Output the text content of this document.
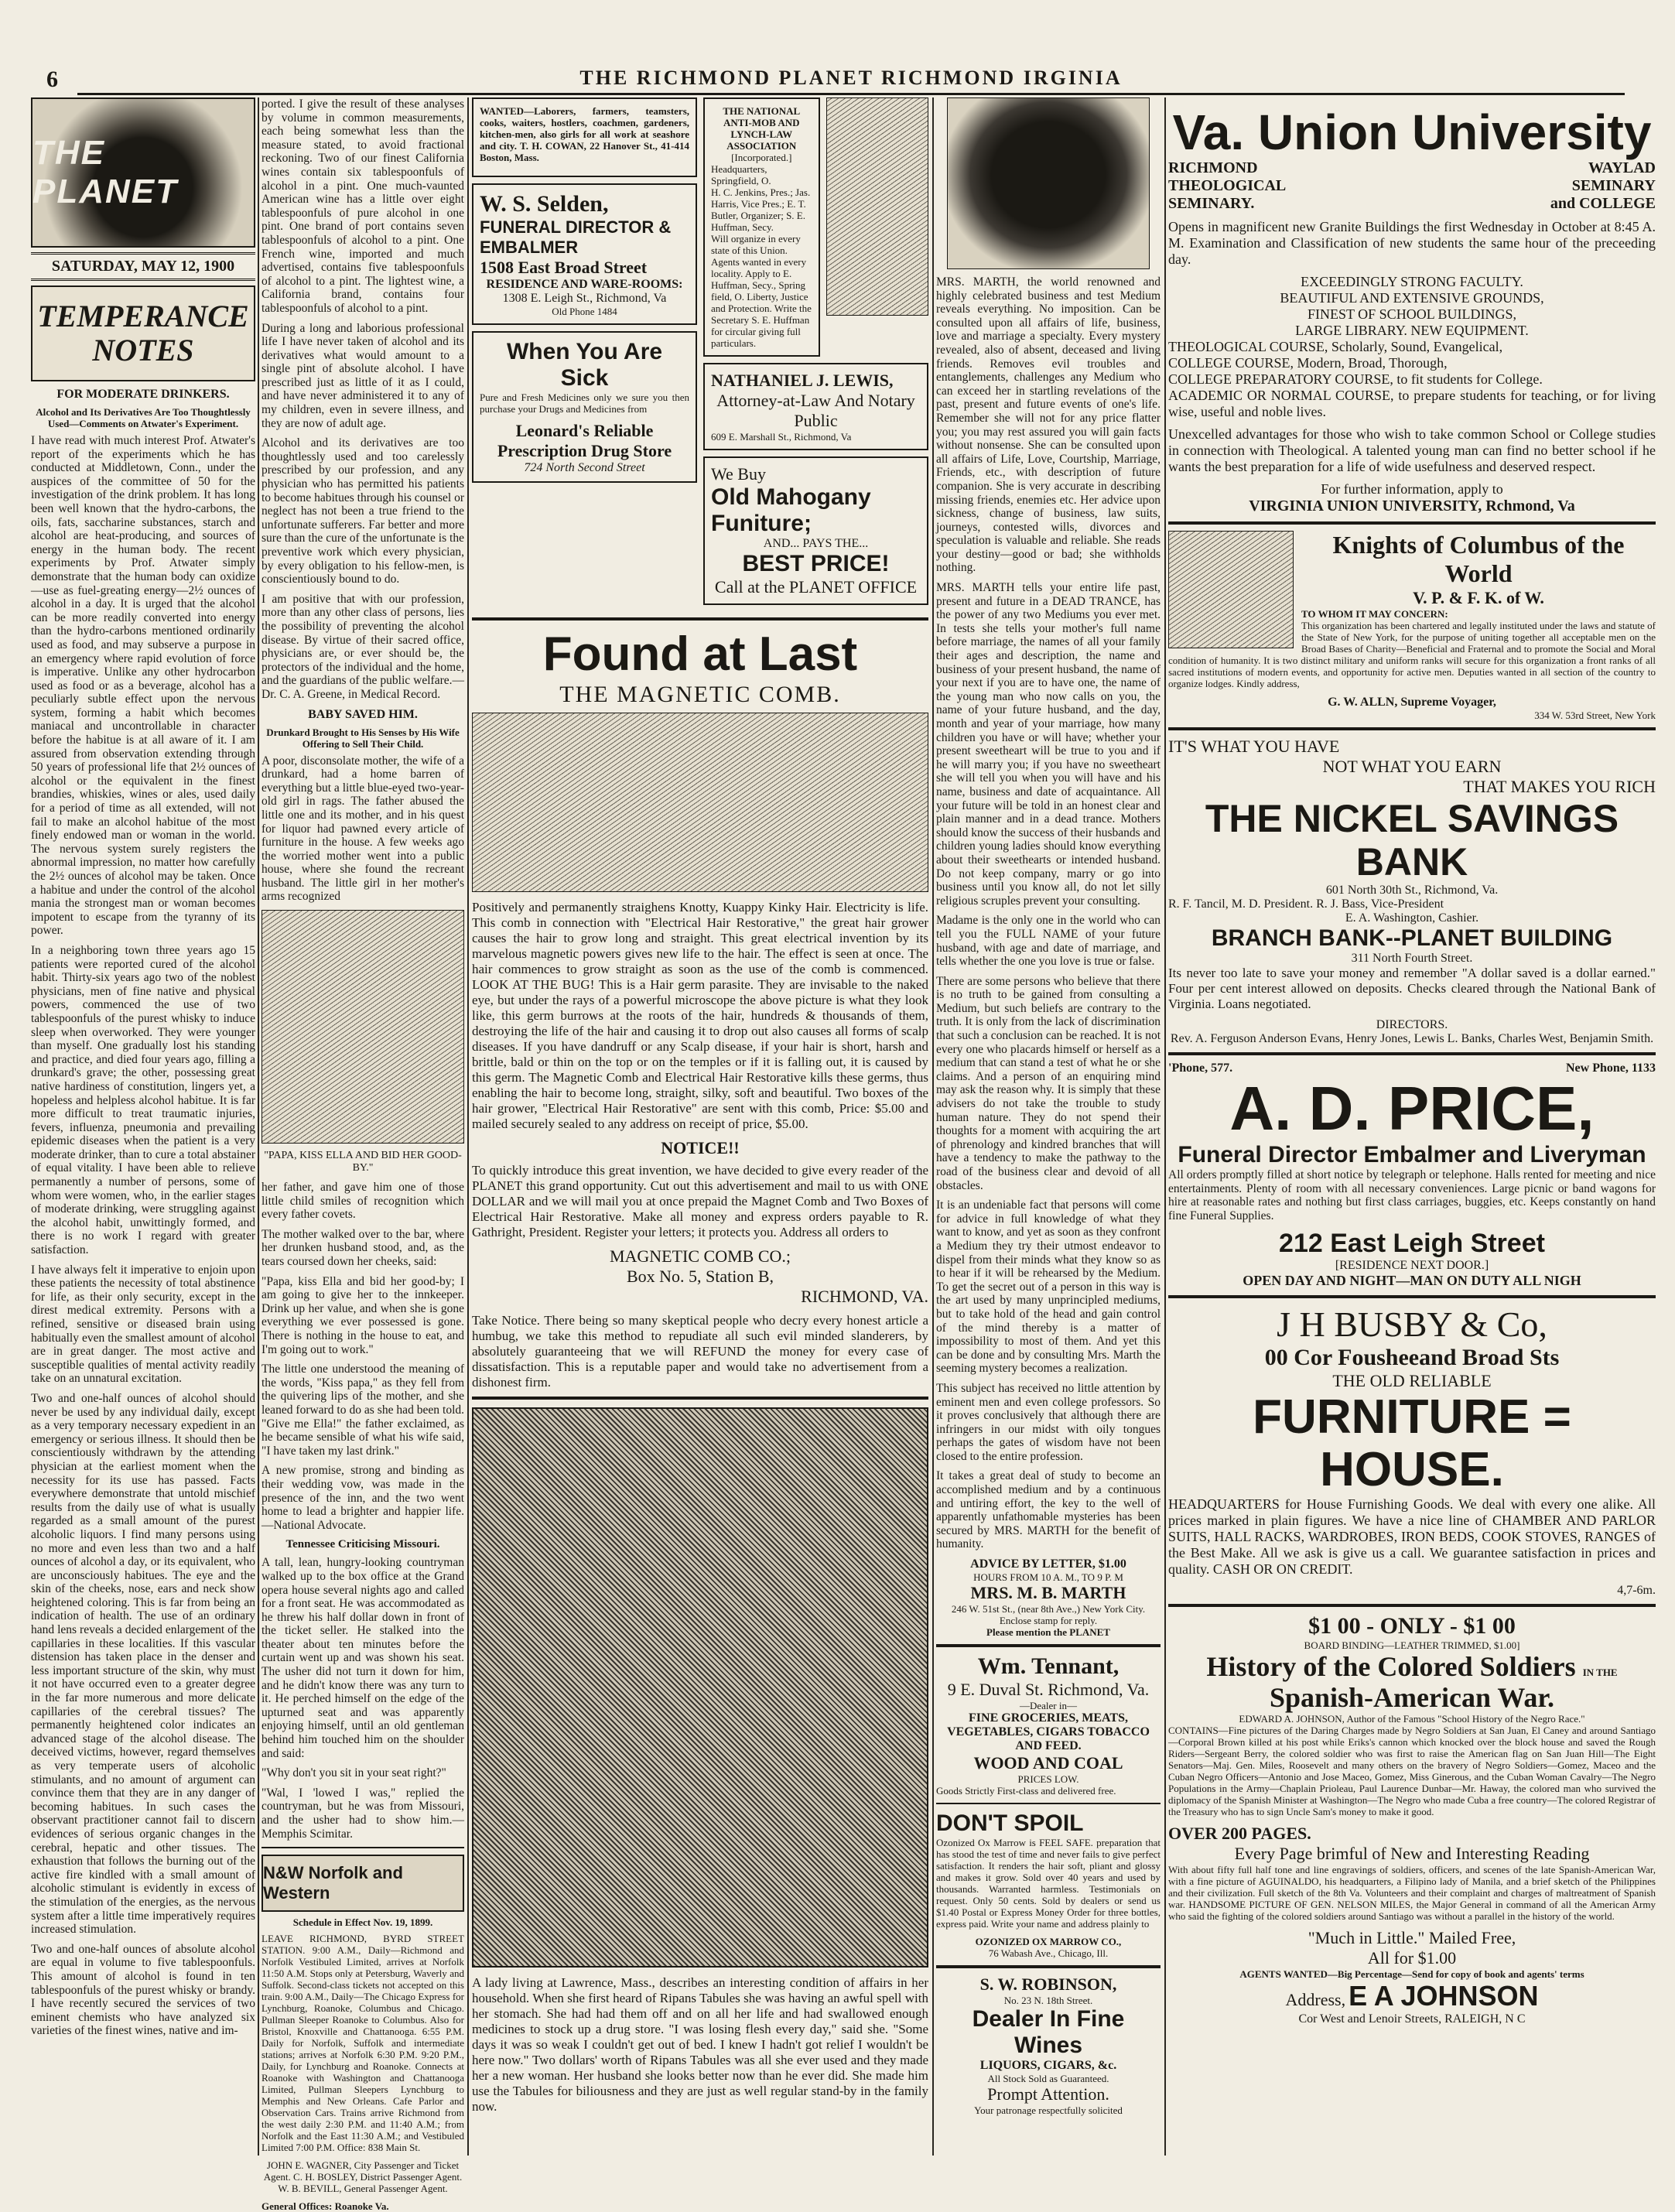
6	THE RICHMOND PLANET RICHMOND IRGINIA
THE PLANET
SATURDAY, MAY 12, 1900
TEMPERANCE NOTES
FOR MODERATE DRINKERS.
Alcohol and Its Derivatives Are Too Thoughtlessly Used—Comments on Atwater's Experiment.

I have read with much interest Prof. Atwater's report of the experiments which he has conducted at Middletown, Conn., under the auspices of the committee of 50 for the investigation of the drink problem. It has long been well known that the hydro-carbons, the oils, fats, saccharine substances, starch and alcohol are heat-producing, and sources of energy in the human body. The recent experiments by Prof. Atwater simply demonstrate that the human body can oxidize—use as fuel-greating energy—2½ ounces of alcohol in a day. It is urged that the alcohol can be more readily converted into energy than the hydro-carbons mentioned ordinarily used as food, and may subserve a purpose in an emergency where rapid evolution of force is imperative. Unlike any other hydrocarbon used as food or as a beverage, alcohol has a peculiarly subtle effect upon the nervous system, forming a habit which becomes maniacal and uncontrollable in character before the habitue is at all aware of it. I am assured from observation extending through 50 years of professional life that 2½ ounces of alcohol or the equivalent in the finest brandies, whiskies, wines or ales, used daily for a period of time as all extended, will not fail to make an alcohol habitue of the most finely endowed man or woman in the world. The nervous system surely registers the abnormal impression, no matter how carefully the 2½ ounces of alcohol may be taken. Once a habitue and under the control of the alcohol mania the strongest man or woman becomes impotent to escape from the tyranny of its power.

In a neighboring town three years ago 15 patients were reported cured of the alcohol habit. Thirty-six years ago two of the noblest physicians, men of fine native and physical powers, commenced the use of two tablespoonfuls of the purest whisky to induce sleep when overworked. They were younger than myself. One gradually lost his standing and practice, and died four years ago, filling a drunkard's grave; the other, possessing great native hardiness of constitution, lingers yet, a hopeless and helpless alcohol habitue. It is far more difficult to treat traumatic injuries, fevers, influenza, pneumonia and prevailing epidemic diseases when the patient is a very moderate drinker, than to cure a total abstainer of equal vitality. I have been able to relieve permanently a number of persons, some of whom were women, who, in the earlier stages of moderate drinking, were struggling against the alcohol habit, unwittingly formed, and there is no work I regard with greater satisfaction.

I have always felt it imperative to enjoin upon these patients the necessity of total abstinence for life, as their only security, except in the direst medical extremity. Persons with a refined, sensitive or diseased brain using habitually even the smallest amount of alcohol are in great danger. The most active and susceptible qualities of mental activity readily take on an unnatural excitation.

Two and one-half ounces of alcohol should never be used by any individual daily, except as a very temporary necessary expedient in an emergency or serious illness. It should then be conscientiously withdrawn by the attending physician at the earliest moment when the necessity for its use has passed. Facts everywhere demonstrate that untold mischief results from the daily use of what is usually regarded as a small amount of the purest alcoholic liquors. I find many persons using no more and even less than two and a half ounces of alcohol a day, or its equivalent, who are unconsciously habitues. The eye and the skin of the cheeks, nose, ears and neck show heightened coloring. This is far from being an indication of health. The use of an ordinary hand lens reveals a decided enlargement of the capillaries in these localities. If this vascular distension has taken place in the denser and less important structure of the skin, why must it not have occurred even to a greater degree in the far more numerous and more delicate capillaries of the cerebral tissues? The permanently heightened color indicates an advanced stage of the alcohol disease. The deceived victims, however, regard themselves as very temperate users of alcoholic stimulants, and no amount of argument can convince them that they are in any danger of becoming habitues. In such cases the observant practitioner cannot fail to discern evidences of serious organic changes in the cerebral, hepatic and other tissues. The exhaustion that follows the burning out of the active fire kindled with a small amount of alcoholic stimulant is evidently in excess of the stimulation of the energies, as the nervous system after a little time imperatively requires increased stimulation.

Two and one-half ounces of absolute alcohol are equal in volume to five tablespoonfuls. This amount of alcohol is found in ten tablespoonfuls of the purest whisky or brandy. I have recently secured the services of two eminent chemists who have analyzed six varieties of the finest wines, native and im-

ported. I give the result of these analyses by volume in common measurements, each being somewhat less than the measure stated, to avoid fractional reckoning. Two of our finest California wines contain six tablespoonfuls of alcohol in a pint. One much-vaunted American wine has a little over eight tablespoonfuls of pure alcohol in one pint. One brand of port contains seven tablespoonfuls of alcohol to a pint. One French wine, imported and much advertised, contains five tablespoonfuls of alcohol to a pint. The lightest wine, a California brand, contains four tablespoonfuls of alcohol to a pint.

During a long and laborious professional life I have never taken of alcohol and its derivatives what would amount to a single pint of absolute alcohol. I have prescribed just as little of it as I could, and have never administered it to any of my children, even in severe illness, and they are now of adult age.

Alcohol and its derivatives are too thoughtlessly used and too carelessly prescribed by our profession, and any physician who has permitted his patients to become habitues through his counsel or neglect has not been a true friend to the unfortunate sufferers. Far better and more sure than the cure of the unfortunate is the preventive work which every physician, by every obligation to his fellow-men, is conscientiously bound to do.

I am positive that with our profession, more than any other class of persons, lies the possibility of preventing the alcohol disease. By virtue of their sacred office, physicians are, or ever should be, the protectors of the individual and the home, and the guardians of the public welfare.—Dr. C. A. Greene, in Medical Record.

BABY SAVED HIM.
Drunkard Brought to His Senses by His Wife Offering to Sell Their Child.

A poor, disconsolate mother, the wife of a drunkard, had a home barren of everything but a little blue-eyed two-year-old girl in rags. The father abused the little one and its mother, and in his quest for liquor had pawned every article of furniture in the house. A few weeks ago the worried mother went into a public house, where she found the recreant husband. The little girl in her mother's arms recognized

"PAPA, KISS ELLA AND BID HER GOOD-BY."

her father, and gave him one of those little child smiles of recognition which every father covets.

The mother walked over to the bar, where her drunken husband stood, and, as the tears coursed down her cheeks, said:

"Papa, kiss Ella and bid her good-by; I am going to give her to the innkeeper. Drink up her value, and when she is gone everything we ever possessed is gone. There is nothing in the house to eat, and I'm going out to work."

The little one understood the meaning of the words, "Kiss papa," as they fell from the quivering lips of the mother, and she leaned forward to do as she had been told. "Give me Ella!" the father exclaimed, as he became sensible of what his wife said, "I have taken my last drink."

A new promise, strong and binding as their wedding vow, was made in the presence of the inn, and the two went home to lead a brighter and happier life.—National Advocate.

Tennessee Criticising Missouri.

A tall, lean, hungry-looking countryman walked up to the box office at the Grand opera house several nights ago and called for a front seat. He was accommodated as he threw his half dollar down in front of the ticket seller. He stalked into the theater about ten minutes before the curtain went up and was shown his seat. The usher did not turn it down for him, and he didn't know there was any turn to it. He perched himself on the edge of the upturned seat and was apparently enjoying himself, until an old gentleman behind him touched him on the shoulder and said:

"Why don't you sit in your seat right?"

"Wal, I 'lowed I was," replied the countryman, but he was from Missouri, and the usher had to show him.—Memphis Scimitar.

N&W Norfolk and Western
Schedule in Effect Nov. 19, 1899.

LEAVE RICHMOND, BYRD STREET STATION. 9:00 A.M., Daily—Richmond and Norfolk Vestibuled Limited, arrives at Norfolk 11:50 A.M. Stops only at Petersburg, Waverly and Suffolk. Second-class tickets not accepted on this train. 9:00 A.M., Daily—The Chicago Express for Lynchburg, Roanoke, Columbus and Chicago. Pullman Sleeper Roanoke to Columbus. Also for Bristol, Knoxville and Chattanooga. 6:55 P.M. Daily for Norfolk, Suffolk and intermediate stations; arrives at Norfolk 6:30 P.M. 9:20 P.M., Daily, for Lynchburg and Roanoke. Connects at Roanoke with Washington and Chattanooga Limited, Pullman Sleepers Lynchburg to Memphis and New Orleans. Cafe Parlor and Observation Cars. Trains arrive Richmond from the west daily 2:30 P.M. and 11:40 A.M.; from Norfolk and the East 11:30 A.M.; and Vestibuled Limited 7:00 P.M. Office: 838 Main St.

JOHN E. WAGNER, City Passenger and Ticket Agent. C. H. BOSLEY, District Passenger Agent. W. B. BEVILL, General Passenger Agent.

General Offices: Roanoke Va.

WANTED—Laborers, farmers, teamsters, cooks, waiters, hostlers, coachmen, gardeners, kitchen-men, also girls for all work at seashore and city. T. H. COWAN, 22 Hanover St., 41-414 Boston, Mass.

W. S. Selden,
FUNERAL DIRECTOR & EMBALMER
1508 East Broad Street
RESIDENCE AND WARE-ROOMS:
1308 E. Leigh St., Richmond, Va
Old Phone 1484
When You Are Sick

Pure and Fresh Medicines only we sure you then purchase your Drugs and Medicines from

Leonard's Reliable Prescription Drug Store
724 North Second Street
THE NATIONAL ANTI-MOB AND LYNCH-LAW ASSOCIATION
[Incorporated.]
Headquarters, Springfield, O.
H. C. Jenkins, Pres.; Jas. Harris, Vice Pres.; E. T. Butler, Organizer; S. E. Huffman, Secy.
Will organize in every state of this Union. Agents wanted in every locality. Apply to E. Huffman, Secy., Spring field, O. Liberty, Justice and Protection. Write the Secretary S. E. Huffman for circular giving full particulars.
NATHANIEL J. LEWIS,
Attorney-at-Law And Notary Public
609 E. Marshall St., Richmond, Va
We Buy
Old Mahogany Funiture;
AND... PAYS THE...
BEST PRICE!
Call at the PLANET OFFICE
Found at Last
THE MAGNETIC COMB.

Positively and permanently straighens Knotty, Kuappy Kinky Hair. Electricity is life. This comb in connection with "Electrical Hair Restorative," the great hair grower causes the hair to grow long and straight. This great electrical invention by its marvelous magnetic powers gives new life to the hair. The effect is seen at once. The hair commences to grow straight as soon as the use of the comb is commenced. LOOK AT THE BUG! This is a Hair germ parasite. They are invisable to the naked eye, but under the rays of a powerful microscope the above picture is what they look like, this germ burrows at the roots of the hair, hundreds & thousands of them, destroying the life of the hair and causing it to drop out also causes all forms of scalp diseases. If you have dandruff or any Scalp disease, if your hair is short, harsh and brittle, bald or thin on the top or on the temples or if it is falling out, it is caused by this germ. The Magnetic Comb and Electrical Hair Restorative kills these germs, thus enabling the hair to become long, straight, silky, soft and beautiful. Two boxes of the hair grower, "Electrical Hair Restorative" are sent with this comb, Price: $5.00 and mailed securely sealed to any address on receipt of price, $5.00.

NOTICE!!

To quickly introduce this great invention, we have decided to give every reader of the PLANET this grand opportunity. Cut out this advertisement and mail to us with ONE DOLLAR and we will mail you at once prepaid the Magnet Comb and Two Boxes of Electrical Hair Restorative. Make all money and express orders payable to R. Gathright, President. Register your letters; it protects you. Address all orders to

MAGNETIC COMB CO.;
Box No. 5, Station B,
RICHMOND, VA.

Take Notice. There being so many skeptical people who decry every honest article a humbug, we take this method to repudiate all such evil minded slanderers, by absolutely guaranteeing that we will REFUND the money for every case of dissatisfaction. This is a reputable paper and would take no advertisement from a dishonest firm.

A lady living at Lawrence, Mass., describes an interesting condition of affairs in her household. When she first heard of Ripans Tabules she was having an awful spell with her stomach. She had had them off and on all her life and had swallowed enough medicines to stock up a drug store. "I was losing flesh every day," said she. "Some days it was so weak I couldn't get out of bed. I knew I hadn't got relief I wouldn't be here now." Two dollars' worth of Ripans Tabules was all she ever used and they made her a new woman. Her husband she looks better now than he ever did. She made him use the Tabules for biliousness and they are just as well regular stand-by in the family now.

MRS. MARTH, the world renowned and highly celebrated business and test Medium reveals everything. No imposition. Can be consulted upon all affairs of life, business, love and marriage a specialty. Every mystery revealed, also of absent, deceased and living friends. Removes evil troubles and entanglements, challenges any Medium who can exceed her in startling revelations of the past, present and future events of one's life. Remember she will not for any price flatter you; you may rest assured you will gain facts without nonsense. She can be consulted upon all affairs of Life, Love, Courtship, Marriage, Friends, etc., with description of future companion. She is very accurate in describing missing friends, enemies etc. Her advice upon sickness, change of business, law suits, journeys, contested wills, divorces and speculation is valuable and reliable. She reads your destiny—good or bad; she withholds nothing.

MRS. MARTH tells your entire life past, present and future in a DEAD TRANCE, has the power of any two Mediums you ever met. In tests she tells your mother's full name before marriage, the names of all your family their ages and description, the name and business of your present husband, the name of your next if you are to have one, the name of the young man who now calls on you, the name of your future husband, and the day, month and year of your marriage, how many children you have or will have; whether your present sweetheart will be true to you and if he will marry you; if you have no sweetheart she will tell you when you will have and his name, business and date of acquaintance. All your future will be told in an honest clear and plain manner and in a dead trance. Mothers should know the success of their husbands and children young ladies should know everything about their sweethearts or intended husband. Do not keep company, marry or go into business until you know all, do not let silly religious scruples prevent your consulting.

Madame is the only one in the world who can tell you the FULL NAME of your future husband, with age and date of marriage, and tells whether the one you love is true or false.

There are some persons who believe that there is no truth to be gained from consulting a Medium, but such beliefs are contrary to the truth. It is only from the lack of discrimination that such a conclusion can be reached. It is not every one who placards himself or herself as a medium that can stand a test of what he or she claims. And a person of an enquiring mind may ask the reason why. It is simply that these advisers do not take the trouble to study human nature. They do not spend their thoughts for a moment with acquiring the art of phrenology and kindred branches that will have a tendency to make the pathway to the road of the business clear and devoid of all obstacles.

It is an undeniable fact that persons will come for advice in full knowledge of what they want to know, and yet as soon as they confront a Medium they try their utmost endeavor to dispel from their minds what they know so as to hear if it will be rehearsed by the Medium. To get the secret out of a person in this way is the art used by many unprincipled mediums, but to take hold of the head and gain control of the mind thereby is a matter of impossibility to most of them. And yet this can be done and by consulting Mrs. Marth the seeming mystery becomes a realization.

This subject has received no little attention by eminent men and even college professors. So it proves conclusively that although there are infringers in our midst with oily tongues perhaps the gates of wisdom have not been closed to the entire profession.

It takes a great deal of study to become an accomplished medium and by a continuous and untiring effort, the key to the well of apparently unfathomable mysteries has been secured by MRS. MARTH for the benefit of humanity.

ADVICE BY LETTER, $1.00
HOURS FROM 10 A. M., TO 9 P. M
MRS. M. B. MARTH
246 W. 51st St., (near 8th Ave.,) New York City.
Enclose stamp for reply.
Please mention the PLANET
Wm. Tennant,
9 E. Duval St. Richmond, Va.
—Dealer in—
FINE GROCERIES, MEATS, VEGETABLES, CIGARS TOBACCO AND FEED.
WOOD AND COAL
PRICES LOW.
Goods Strictly First-class and delivered free.
DON'T SPOIL

Ozonized Ox Marrow is FEEL SAFE. preparation that has stood the test of time and never fails to give perfect satisfaction. It renders the hair soft, pliant and glossy and makes it grow. Sold over 40 years and used by thousands. Warranted harmless. Testimonials on request. Only 50 cents. Sold by dealers or send us $1.40 Postal or Express Money Order for three bottles, express paid. Write your name and address plainly to

OZONIZED OX MARROW CO.,
76 Wabash Ave., Chicago, Ill.
S. W. ROBINSON,
No. 23 N. 18th Street.
Dealer In Fine Wines
LIQUORS, CIGARS, &c.
All Stock Sold as Guaranteed.
Prompt Attention.
Your patronage respectfully solicited
Va. Union University
RICHMOND
THEOLOGICAL
SEMINARY.
WAYLAD
SEMINARY
and COLLEGE

Opens in magnificent new Granite Buildings the first Wednesday in October at 8:45 A. M. Examination and Classification of new students the same hour of the preceeding day.

EXCEEDINGLY STRONG FACULTY.
BEAUTIFUL AND EXTENSIVE GROUNDS,
FINEST OF SCHOOL BUILDINGS,
LARGE LIBRARY. NEW EQUIPMENT.
THEOLOGICAL COURSE, Scholarly, Sound, Evangelical,
COLLEGE COURSE, Modern, Broad, Thorough,
COLLEGE PREPARATORY COURSE, to fit students for College.

ACADEMIC OR NORMAL COURSE, to prepare students for teaching, or for living wise, useful and noble lives.

Unexcelled advantages for those who wish to take common School or College studies in connection with Theological. A talented young man can find no better school if he wants the best preparation for a life of wide usefulness and deserved respect.

For further information, apply to
VIRGINIA UNION UNIVERSITY, Rchmond, Va
Knights of Columbus of the World
V. P. & F. K. of W.
TO WHOM IT MAY CONCERN:

This organization has been chartered and legally instituted under the laws and statute of the State of New York, for the purpose of uniting together all acceptable men on the Broad Bases of Charity—Beneficial and Fraternal and to promote the Social and Moral condition of humanity. It is two distinct military and uniform ranks will secure for this organization a front ranks of all sacred institutions of modern events, and opportunity for active men. Deputies wanted in all section of the country to organize lodges. Kindly address,

G. W. ALLN, Supreme Voyager,
334 W. 53rd Street, New York
IT'S WHAT YOU HAVE
NOT WHAT YOU EARN
THAT MAKES YOU RICH
THE NICKEL SAVINGS BANK
601 North 30th St., Richmond, Va.
R. F. Tancil, M. D. President. R. J. Bass, Vice-President
E. A. Washington, Cashier.
BRANCH BANK--PLANET BUILDING
311 North Fourth Street.

Its never too late to save your money and remember "A dollar saved is a dollar earned." Four per cent interest allowed on deposits. Checks cleared through the National Bank of Virginia. Loans negotiated.

DIRECTORS.
Rev. A. Ferguson Anderson Evans, Henry Jones, Lewis L. Banks, Charles West, Benjamin Smith.
'Phone, 577.	New Phone, 1133
A. D. PRICE,
Funeral Director Embalmer and Liveryman

All orders promptly filled at short notice by telegraph or telephone. Halls rented for meeting and nice entertainments. Plenty of room with all necessary conveniences. Large picnic or band wagons for hire at reasonable rates and nothing but first class carriages, buggies, etc. Keeps constantly on hand fine Funeral Supplies.

212 East Leigh Street
[RESIDENCE NEXT DOOR.]
OPEN DAY AND NIGHT—MAN ON DUTY ALL NIGH
J H BUSBY & Co,
00 Cor Fousheeand Broad Sts
THE OLD RELIABLE
FURNITURE = HOUSE.

HEADQUARTERS for House Furnishing Goods. We deal with every one alike. All prices marked in plain figures. We have a nice line of CHAMBER AND PARLOR SUITS, HALL RACKS, WARDROBES, IRON BEDS, COOK STOVES, RANGES of the Best Make. All we ask is give us a call. We guarantee satisfaction in prices and quality. CASH OR ON CREDIT.

4,7-6m.
$1 00 - ONLY - $1 00
BOARD BINDING—LEATHER TRIMMED, $1.00]
History of the Colored Soldiers IN THE
Spanish-American War.
EDWARD A. JOHNSON, Author of the Famous "School History of the Negro Race."

CONTAINS—Fine pictures of the Daring Charges made by Negro Soldiers at San Juan, El Caney and around Santiago—Corporal Brown killed at his post while Eriks's cannon which knocked over the block house and saved the Rough Riders—Sergeant Berry, the colored soldier who was first to raise the American flag on San Juan Hill—The Eight Senators—Maj. Gen. Miles, Roosevelt and many others on the bravery of Negro Soldiers—Gomez, Maceo and the Cuban Negro Officers—Antonio and Jose Maceo, Gomez, Miss Ginerous, and the Cuban Woman Cavalry—The Negro Populations in the Army—Chaplain Prioleau, Paul Laurence Dunbar—Mr. Haway, the colored man who survived the diplomacy of the Spanish Minister at Washington—The Negro who made Cuba a free country—The colored Registrar of the Treasury who has to sign Uncle Sam's money to make it good.

OVER 200 PAGES.
Every Page brimful of New and Interesting Reading

With about fifty full half tone and line engravings of soldiers, officers, and scenes of the late Spanish-American War, with a fine picture of AGUINALDO, his headquarters, a Filipino lady of Manila, and a brief sketch of the Philippines and their civilization. Full sketch of the 8th Va. Volunteers and their complaint and charges of maltreatment of Spanish war. HANDSOME PICTURE OF GEN. NELSON MILES, the Major General in command of all the American Army who said the fighting of the colored soldiers around Santiago was without a parallel in the history of the world.

"Much in Little." Mailed Free,
All for $1.00
AGENTS WANTED—Big Percentage—Send for copy of book and agents' terms
Address, E A JOHNSON
Cor West and Lenoir Streets, RALEIGH, N C
